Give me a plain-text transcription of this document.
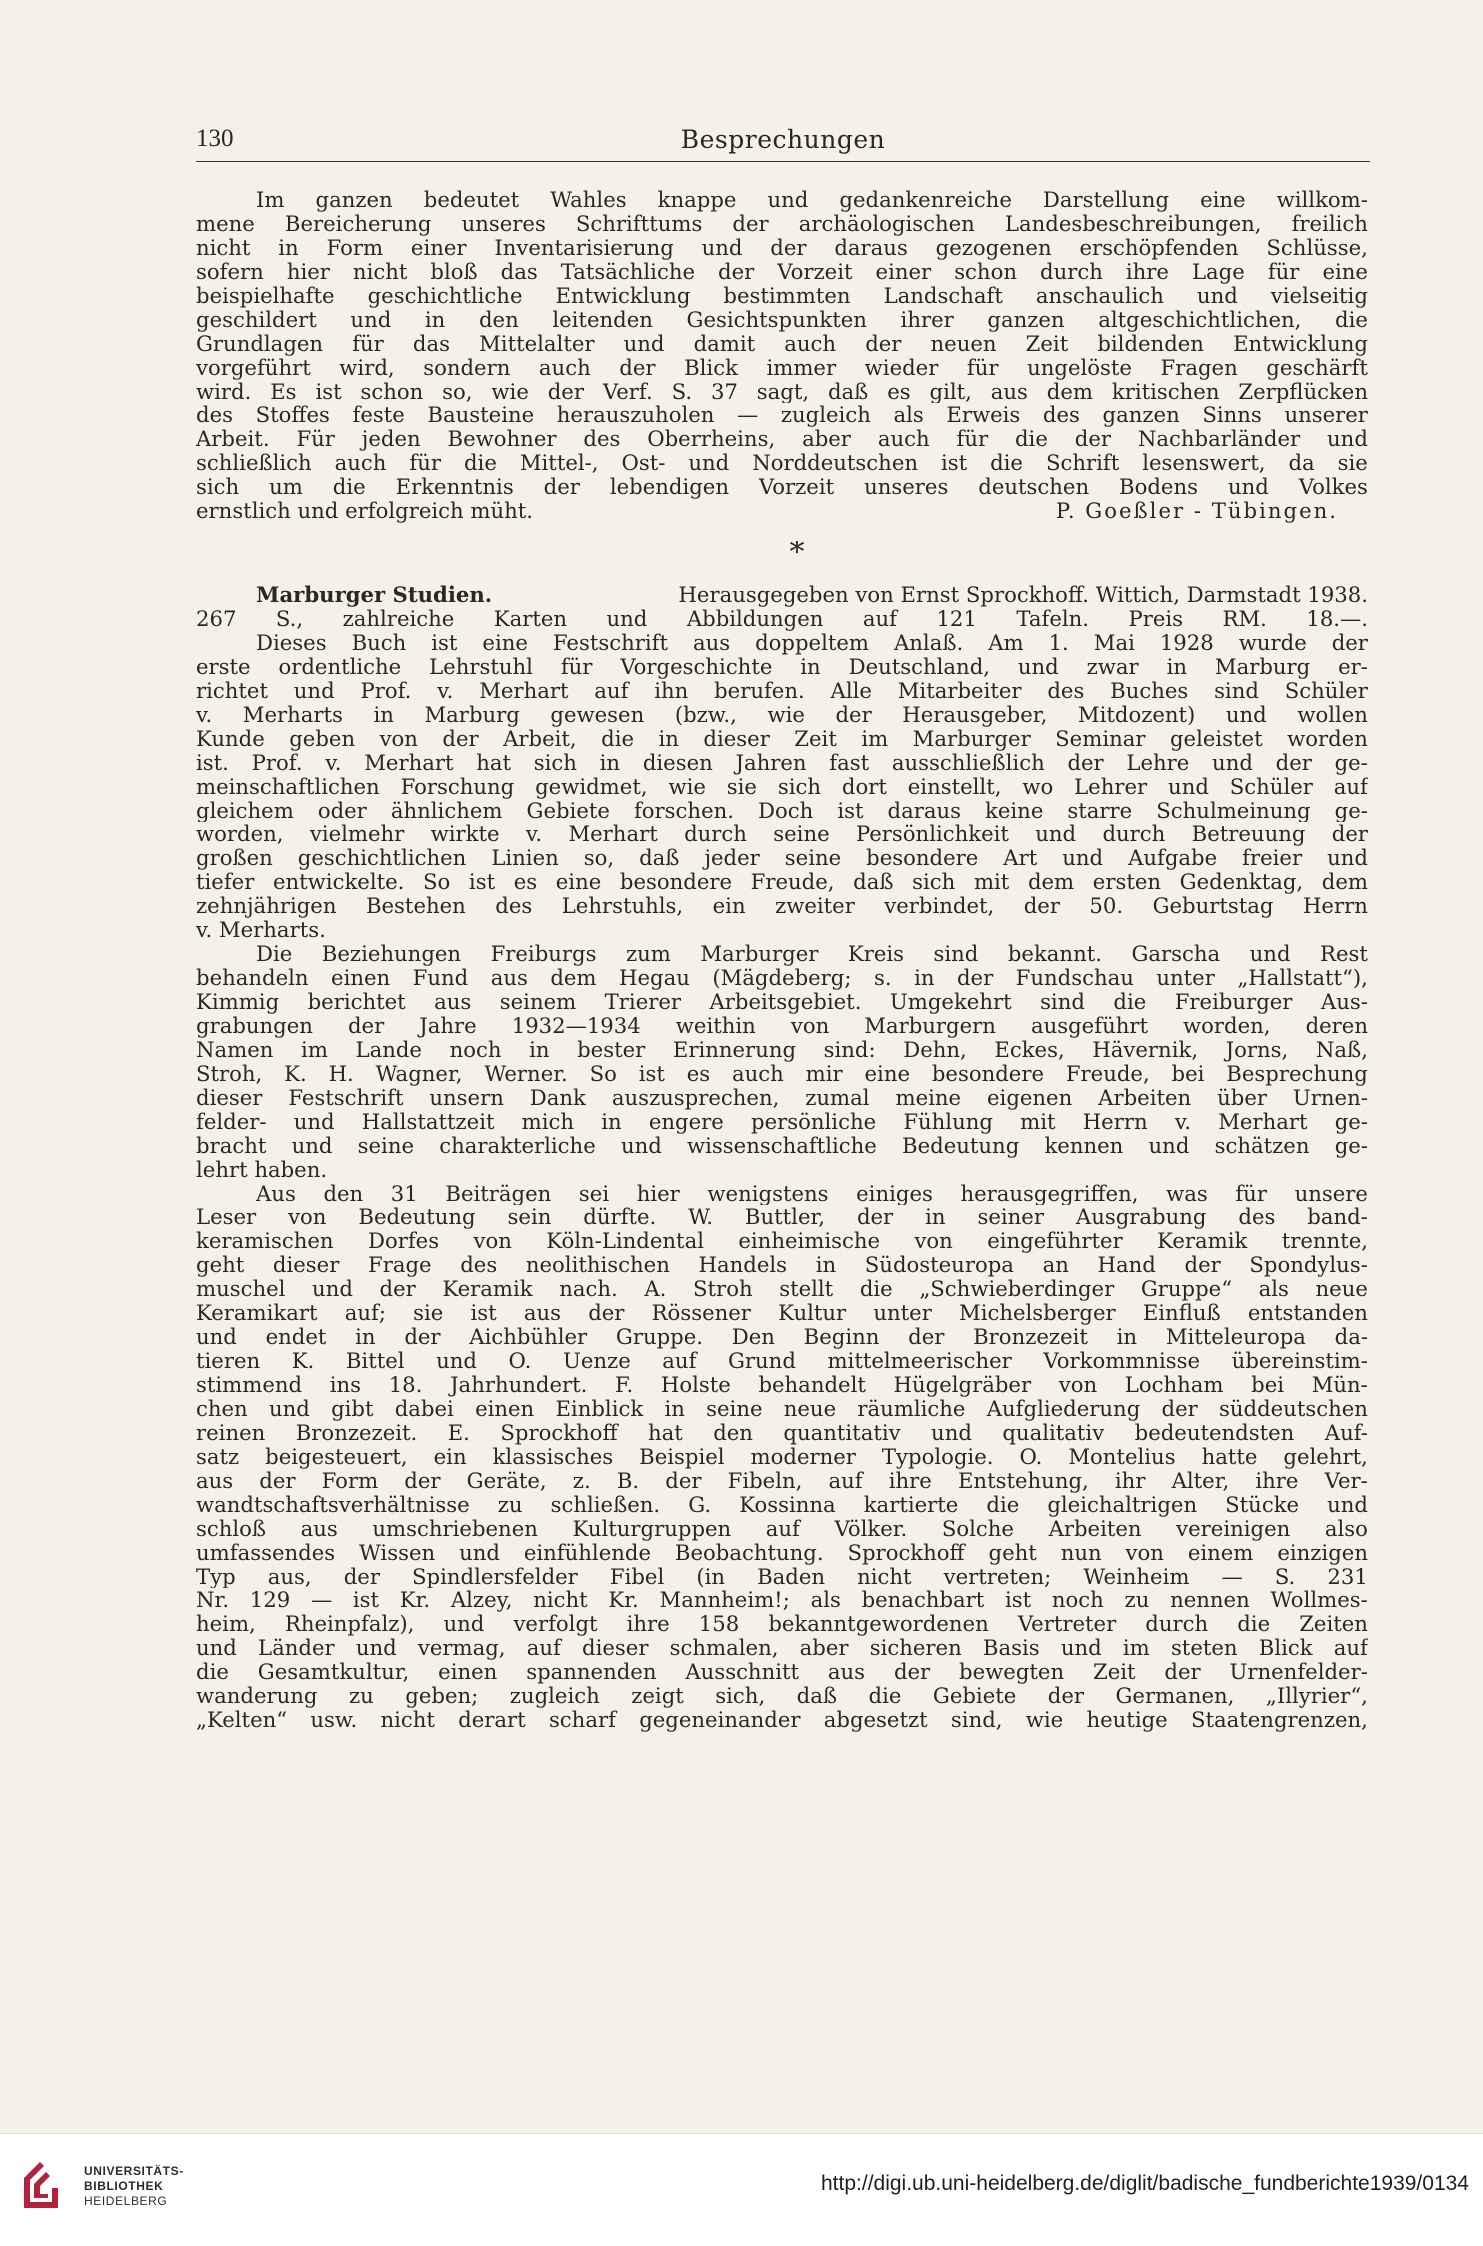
130	Besprechungen
Im ganzen bedeutet Wahles knappe und gedankenreiche Darstellung eine willkom-
mene Bereicherung unseres Schrifttums der archäologischen Landesbeschreibungen, freilich
nicht in Form einer Inventarisierung und der daraus gezogenen erschöpfenden Schlüsse,
sofern hier nicht bloß das Tatsächliche der Vorzeit einer schon durch ihre Lage für eine
beispielhafte geschichtliche Entwicklung bestimmten Landschaft anschaulich und vielseitig
geschildert und in den leitenden Gesichtspunkten ihrer ganzen altgeschichtlichen, die
Grundlagen für das Mittelalter und damit auch der neuen Zeit bildenden Entwicklung
vorgeführt wird, sondern auch der Blick immer wieder für ungelöste Fragen geschärft
wird. Es ist schon so, wie der Verf. S. 37 sagt, daß es gilt, aus dem kritischen Zerpflücken
des Stoffes feste Bausteine herauszuholen — zugleich als Erweis des ganzen Sinns unserer
Arbeit. Für jeden Bewohner des Oberrheins, aber auch für die der Nachbarländer und
schließlich auch für die Mittel-, Ost- und Norddeutschen ist die Schrift lesenswert, da sie
sich um die Erkenntnis der lebendigen Vorzeit unseres deutschen Bodens und Volkes
ernstlich und erfolgreich müht.	P. Goeßler - Tübingen.
*
Marburger Studien.	Herausgegeben von Ernst Sprockhoff. Wittich, Darmstadt 1938.
267 S., zahlreiche Karten und Abbildungen auf 121 Tafeln. Preis RM. 18.—.
Dieses Buch ist eine Festschrift aus doppeltem Anlaß. Am 1. Mai 1928 wurde der
erste ordentliche Lehrstuhl für Vorgeschichte in Deutschland, und zwar in Marburg er-
richtet und Prof. v. Merhart auf ihn berufen. Alle Mitarbeiter des Buches sind Schüler
v. Merharts in Marburg gewesen (bzw., wie der Herausgeber, Mitdozent) und wollen
Kunde geben von der Arbeit, die in dieser Zeit im Marburger Seminar geleistet worden
ist. Prof. v. Merhart hat sich in diesen Jahren fast ausschließlich der Lehre und der ge-
meinschaftlichen Forschung gewidmet, wie sie sich dort einstellt, wo Lehrer und Schüler auf
gleichem oder ähnlichem Gebiete forschen. Doch ist daraus keine starre Schulmeinung ge-
worden, vielmehr wirkte v. Merhart durch seine Persönlichkeit und durch Betreuung der
großen geschichtlichen Linien so, daß jeder seine besondere Art und Aufgabe freier und
tiefer entwickelte. So ist es eine besondere Freude, daß sich mit dem ersten Gedenktag, dem
zehnjährigen Bestehen des Lehrstuhls, ein zweiter verbindet, der 50. Geburtstag Herrn
v. Merharts.
Die Beziehungen Freiburgs zum Marburger Kreis sind bekannt. Garscha und Rest
behandeln einen Fund aus dem Hegau (Mägdeberg; s. in der Fundschau unter „Hallstatt“),
Kimmig berichtet aus seinem Trierer Arbeitsgebiet. Umgekehrt sind die Freiburger Aus-
grabungen der Jahre 1932—1934 weithin von Marburgern ausgeführt worden, deren
Namen im Lande noch in bester Erinnerung sind: Dehn, Eckes, Hävernik, Jorns, Naß,
Stroh, K. H. Wagner, Werner. So ist es auch mir eine besondere Freude, bei Besprechung
dieser Festschrift unsern Dank auszusprechen, zumal meine eigenen Arbeiten über Urnen-
felder- und Hallstattzeit mich in engere persönliche Fühlung mit Herrn v. Merhart ge-
bracht und seine charakterliche und wissenschaftliche Bedeutung kennen und schätzen ge-
lehrt haben.
Aus den 31 Beiträgen sei hier wenigstens einiges herausgegriffen, was für unsere
Leser von Bedeutung sein dürfte. W. Buttler, der in seiner Ausgrabung des band-
keramischen Dorfes von Köln-Lindental einheimische von eingeführter Keramik trennte,
geht dieser Frage des neolithischen Handels in Südosteuropa an Hand der Spondylus-
muschel und der Keramik nach. A. Stroh stellt die „Schwieberdinger Gruppe“ als neue
Keramikart auf; sie ist aus der Rössener Kultur unter Michelsberger Einfluß entstanden
und endet in der Aichbühler Gruppe. Den Beginn der Bronzezeit in Mitteleuropa da-
tieren K. Bittel und O. Uenze auf Grund mittelmeerischer Vorkommnisse übereinstim-
stimmend ins 18. Jahrhundert. F. Holste behandelt Hügelgräber von Lochham bei Mün-
chen und gibt dabei einen Einblick in seine neue räumliche Aufgliederung der süddeutschen
reinen Bronzezeit. E. Sprockhoff hat den quantitativ und qualitativ bedeutendsten Auf-
satz beigesteuert, ein klassisches Beispiel moderner Typologie. O. Montelius hatte gelehrt,
aus der Form der Geräte, z. B. der Fibeln, auf ihre Entstehung, ihr Alter, ihre Ver-
wandtschaftsverhältnisse zu schließen. G. Kossinna kartierte die gleichaltrigen Stücke und
schloß aus umschriebenen Kulturgruppen auf Völker. Solche Arbeiten vereinigen also
umfassendes Wissen und einfühlende Beobachtung. Sprockhoff geht nun von einem einzigen
Typ aus, der Spindlersfelder Fibel (in Baden nicht vertreten; Weinheim — S. 231
Nr. 129 — ist Kr. Alzey, nicht Kr. Mannheim!; als benachbart ist noch zu nennen Wollmes-
heim, Rheinpfalz), und verfolgt ihre 158 bekanntgewordenen Vertreter durch die Zeiten
und Länder und vermag, auf dieser schmalen, aber sicheren Basis und im steten Blick auf
die Gesamtkultur, einen spannenden Ausschnitt aus der bewegten Zeit der Urnenfelder-
wanderung zu geben; zugleich zeigt sich, daß die Gebiete der Germanen, „Illyrier“,
„Kelten“ usw. nicht derart scharf gegeneinander abgesetzt sind, wie heutige Staatengrenzen,
UNIVERSITÄTS-
BIBLIOTHEK
HEIDELBERG
http://digi.ub.uni-heidelberg.de/diglit/badische_fundberichte1939/0134
